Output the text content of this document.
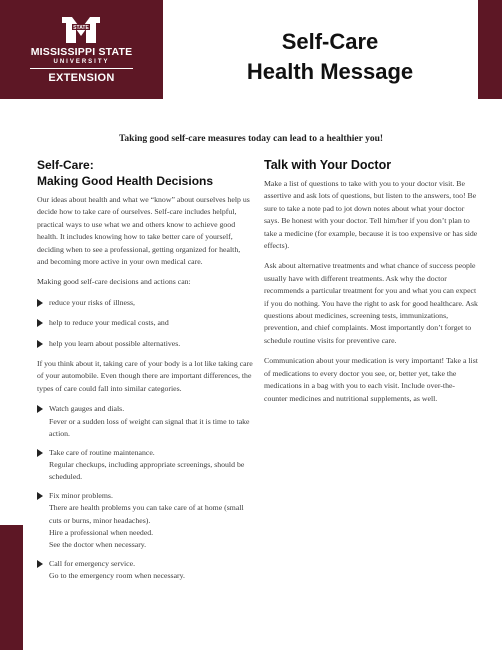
STATE
MISSISSIPPI STATE
UNIVERSITY
EXTENSION
Self-Care
Health Message
Taking good self-care measures today can lead to a healthier you!
Self-Care:
Making Good Health Decisions

Our ideas about health and what we “know” about ourselves help us decide how to take care of ourselves. Self-care includes helpful, practical ways to use what we and others know to achieve good health. It includes knowing how to take better care of yourself, deciding when to see a professional, getting organized for health, and becoming more active in your own medical care.

Making good self-care decisions and actions can:

reduce your risks of illness,
help to reduce your medical costs, and
help you learn about possible alternatives.

If you think about it, taking care of your body is a lot like taking care of your automobile. Even though there are important differences, the types of care could fall into similar categories.

Watch gauges and dials.
Fever or a sudden loss of weight can signal that it is time to take action.
Take care of routine maintenance.
Regular checkups, including appropriate screenings, should be scheduled.
Fix minor problems.
There are health problems you can take care of at home (small cuts or burns, minor headaches).
Hire a professional when needed.
See the doctor when necessary.
Call for emergency service.
Go to the emergency room when necessary.
Talk with Your Doctor

Make a list of questions to take with you to your doctor visit. Be assertive and ask lots of questions, but listen to the answers, too! Be sure to take a note pad to jot down notes about what your doctor says. Be honest with your doctor. Tell him/her if you don’t plan to take a medicine (for example, because it is too expensive or has side effects).

Ask about alternative treatments and what chance of success people usually have with different treatments. Ask why the doctor recommends a particular treatment for you and what you can expect if you do nothing. You have the right to ask for good healthcare. Ask questions about medicines, screening tests, immunizations, prevention, and chief complaints. Most importantly don’t forget to schedule routine visits for preventive care.

Communication about your medication is very important! Take a list of medications to every doctor you see, or, better yet, take the medications in a bag with you to each visit. Include over-the-counter medicines and nutritional supplements, as well.
